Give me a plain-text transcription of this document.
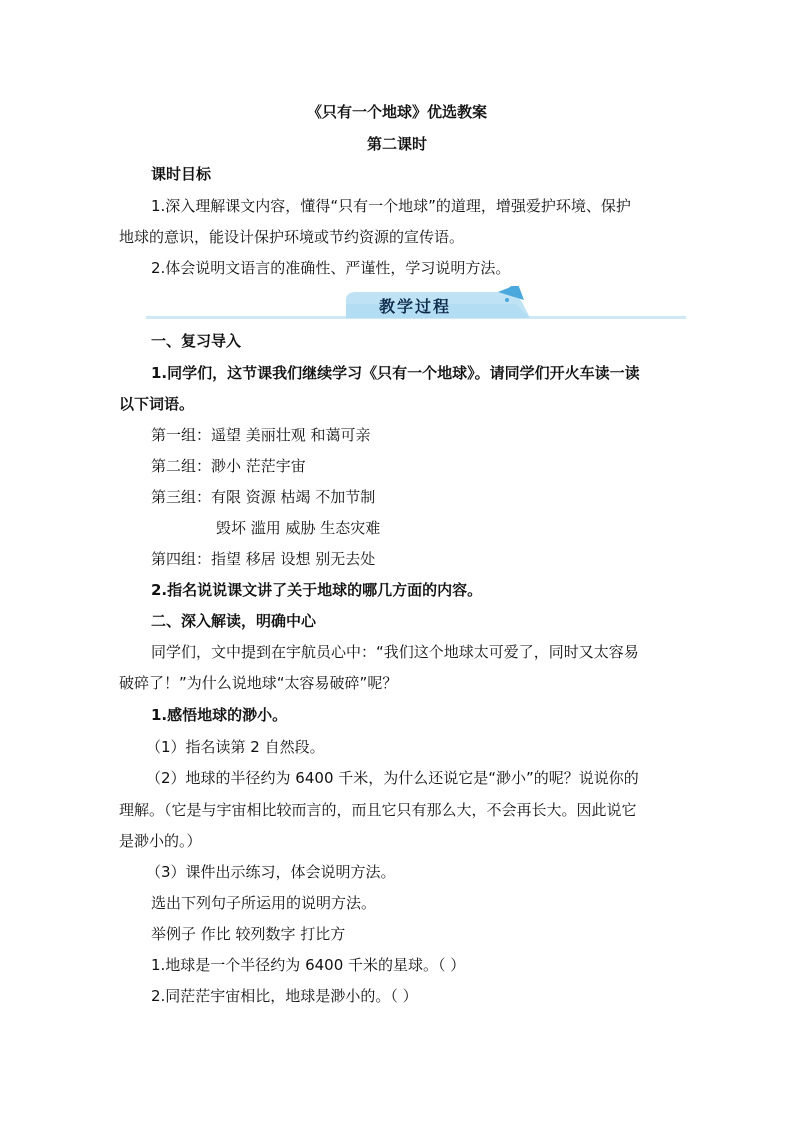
《只有一个地球》优选教案
第二课时
课时目标
1.深入理解课文内容，懂得“只有一个地球”的道理，增强爱护环境、保护
地球的意识，能设计保护环境或节约资源的宣传语。
2.体会说明文语言的准确性、严谨性，学习说明方法。
教学过程
一、复习导入
1.同学们，这节课我们继续学习《只有一个地球》。请同学们开火车读一读
以下词语。
第一组：遥望 美丽壮观 和蔼可亲
第二组：渺小 茫茫宇宙
第三组：有限 资源 枯竭 不加节制
毁坏 滥用 威胁 生态灾难
第四组：指望 移居 设想 别无去处
2.指名说说课文讲了关于地球的哪几方面的内容。
二、深入解读，明确中心
同学们，文中提到在宇航员心中：“我们这个地球太可爱了，同时又太容易
破碎了！”为什么说地球“太容易破碎”呢？
1.感悟地球的渺小。
（1）指名读第 2 自然段。
（2）地球的半径约为 6400 千米，为什么还说它是“渺小”的呢？说说你的
理解。（它是与宇宙相比较而言的，而且它只有那么大，不会再长大。因此说它
是渺小的。）
（3）课件出示练习，体会说明方法。
选出下列句子所运用的说明方法。
举例子 作比 较列数字 打比方
1.地球是一个半径约为 6400 千米的星球。（ ）
2.同茫茫宇宙相比，地球是渺小的。（ ）
